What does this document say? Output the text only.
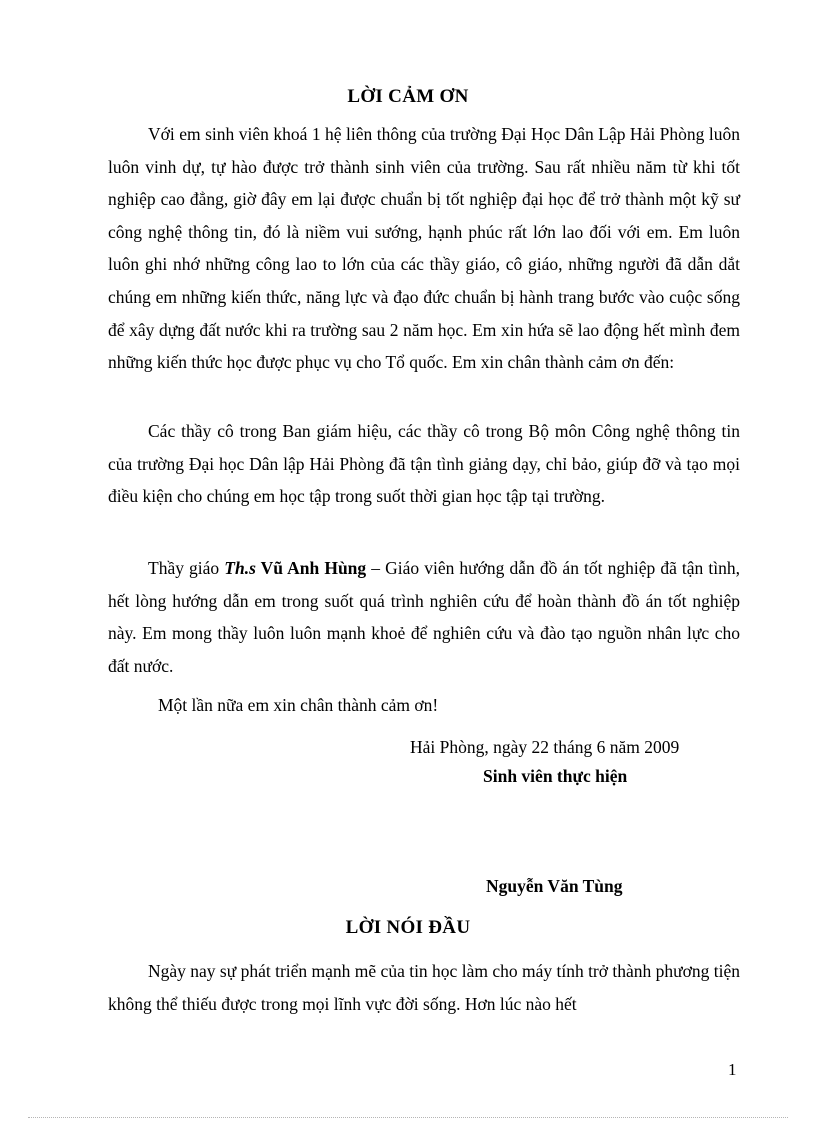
LỜI CẢM ƠN

Với em sinh viên khoá 1 hệ liên thông của trường Đại Học Dân Lập Hải Phòng luôn luôn vinh dự, tự hào được trở thành sinh viên của trường. Sau rất nhiều năm từ khi tốt nghiệp cao đẳng, giờ đây em lại được chuẩn bị tốt nghiệp đại học để trở thành một kỹ sư công nghệ thông tin, đó là niềm vui sướng, hạnh phúc rất lớn lao đối với em. Em luôn luôn ghi nhớ những công lao to lớn của các thầy giáo, cô giáo, những người đã dẫn dắt chúng em những kiến thức, năng lực và đạo đức chuẩn bị hành trang bước vào cuộc sống để xây dựng đất nước khi ra trường sau 2 năm học. Em xin hứa sẽ lao động hết mình đem những kiến thức học được phục vụ cho Tổ quốc. Em xin chân thành cảm ơn đến:

Các thầy cô trong Ban giám hiệu, các thầy cô trong Bộ môn Công nghệ thông tin của trường Đại học Dân lập Hải Phòng đã tận tình giảng dạy, chỉ bảo, giúp đỡ và tạo mọi điều kiện cho chúng em học tập trong suốt thời gian học tập tại trường.

Thầy giáo Th.s Vũ Anh Hùng – Giáo viên hướng dẫn đồ án tốt nghiệp đã tận tình, hết lòng hướng dẫn em trong suốt quá trình nghiên cứu để hoàn thành đồ án tốt nghiệp này. Em mong thầy luôn luôn mạnh khoẻ để nghiên cứu và đào tạo nguồn nhân lực cho đất nước.

Một lần nữa em xin chân thành cảm ơn!

Hải Phòng, ngày 22 tháng 6 năm 2009

Sinh viên thực hiện

Nguyễn Văn Tùng

LỜI NÓI ĐẦU

Ngày nay sự phát triển mạnh mẽ của tin học làm cho máy tính trở thành phương tiện không thể thiếu được trong mọi lĩnh vực đời sống. Hơn lúc nào hết

1
